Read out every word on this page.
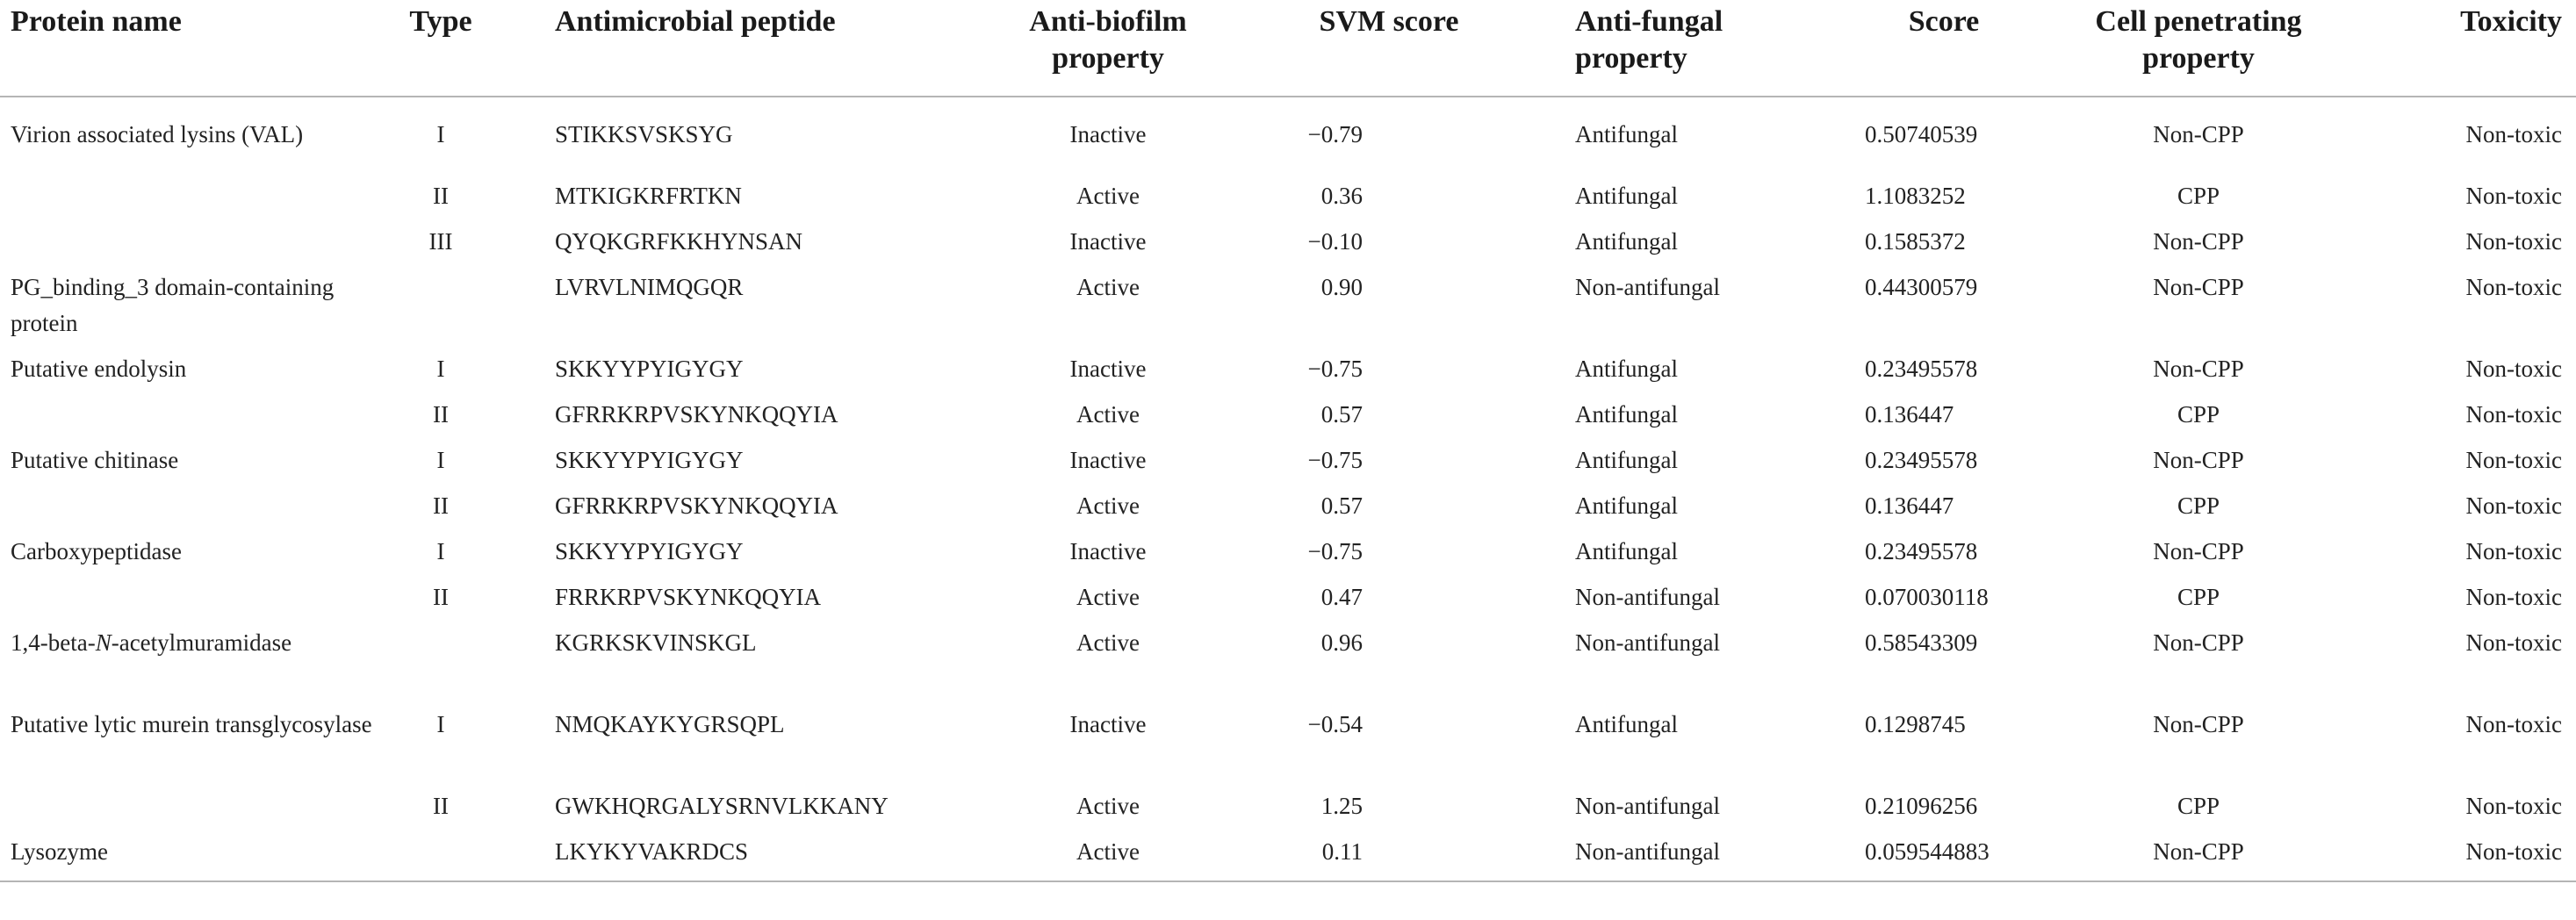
Protein name	Type	Antimicrobial peptide	Anti-biofilm property	SVM score	Anti-fungal property	Score	Cell penetrating property	Toxicity
Virion associated lysins (VAL)	I	STIKKSVSKSYG	Inactive	−0.79	Antifungal	0.50740539	Non-CPP	Non-toxic
	II	MTKIGKRFRTKN	Active	0.36	Antifungal	1.1083252	CPP	Non-toxic
	III	QYQKGRFKKHYNSAN	Inactive	−0.10	Antifungal	0.1585372	Non-CPP	Non-toxic
PG_binding_3 domain-containing protein		LVRVLNIMQGQR	Active	0.90	Non-antifungal	0.44300579	Non-CPP	Non-toxic
Putative endolysin	I	SKKYYPYIGYGY	Inactive	−0.75	Antifungal	0.23495578	Non-CPP	Non-toxic
	II	GFRRKRPVSKYNKQQYIA	Active	0.57	Antifungal	0.136447	CPP	Non-toxic
Putative chitinase	I	SKKYYPYIGYGY	Inactive	−0.75	Antifungal	0.23495578	Non-CPP	Non-toxic
	II	GFRRKRPVSKYNKQQYIA	Active	0.57	Antifungal	0.136447	CPP	Non-toxic
Carboxypeptidase	I	SKKYYPYIGYGY	Inactive	−0.75	Antifungal	0.23495578	Non-CPP	Non-toxic
	II	FRRKRPVSKYNKQQYIA	Active	0.47	Non-antifungal	0.070030118	CPP	Non-toxic
1,4-beta-N-acetylmuramidase		KGRKSKVINSKGL	Active	0.96	Non-antifungal	0.58543309	Non-CPP	Non-toxic
Putative lytic murein transglycosylase	I	NMQKAYKYGRSQPL	Inactive	−0.54	Antifungal	0.1298745	Non-CPP	Non-toxic
	II	GWKHQRGALYSRNVLKKANY	Active	1.25	Non-antifungal	0.21096256	CPP	Non-toxic
Lysozyme		LKYKYVAKRDCS	Active	0.11	Non-antifungal	0.059544883	Non-CPP	Non-toxic
